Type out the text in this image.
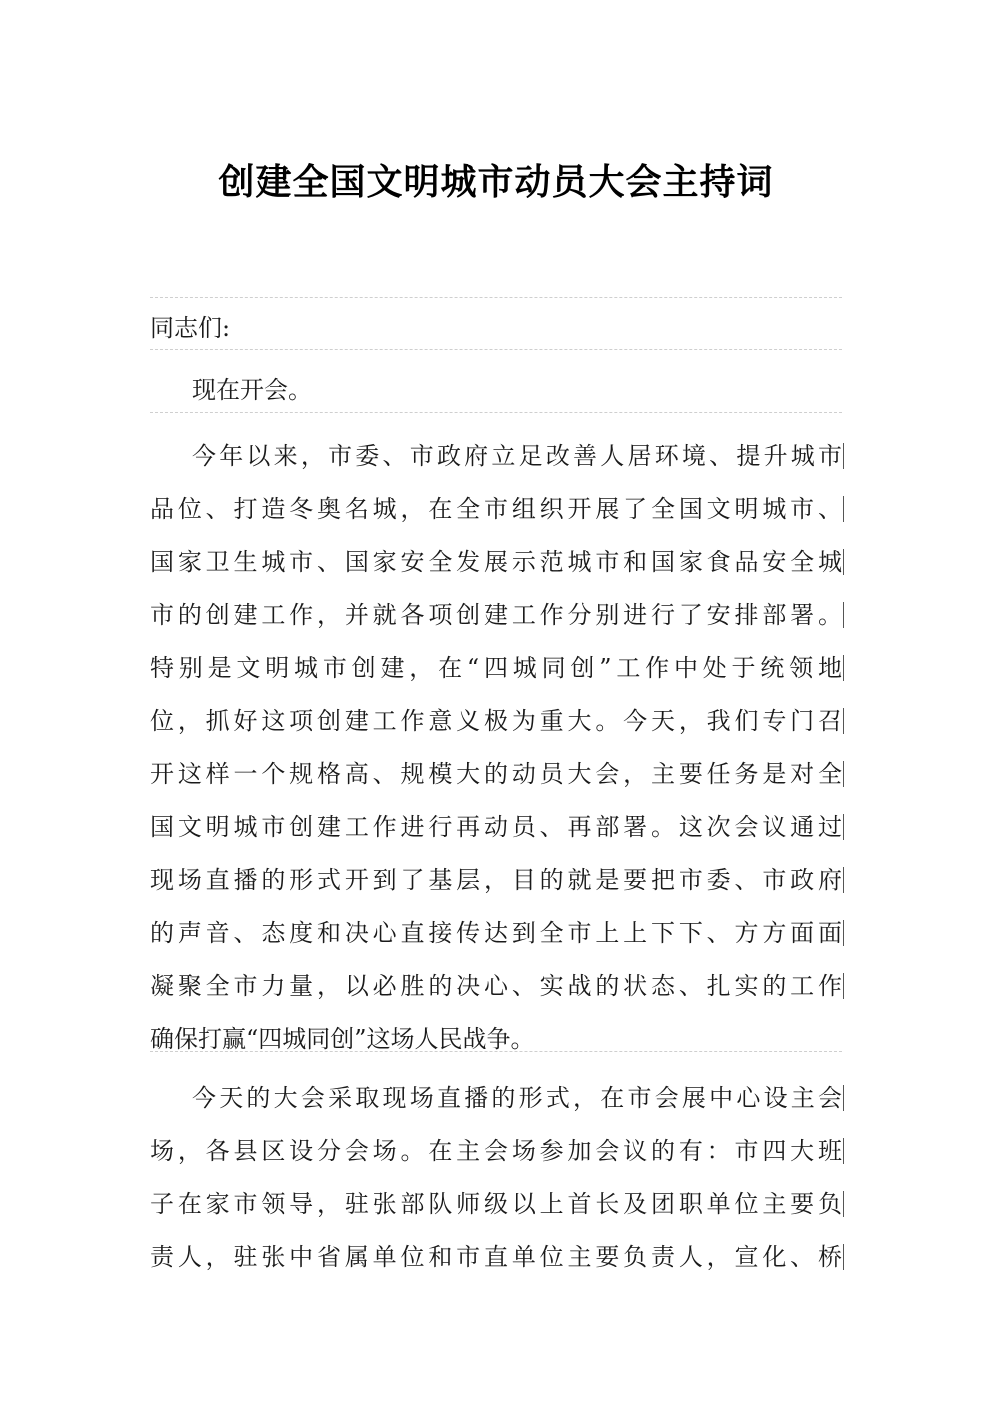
创建全国文明城市动员大会主持词
同志们:
现在开会。
今年以来，市委、市政府立足改善人居环境、提升城市
品位、打造冬奥名城，在全市组织开展了全国文明城市、
国家卫生城市、国家安全发展示范城市和国家食品安全城
市的创建工作，并就各项创建工作分别进行了安排部署。
特别是文明城市创建，在“四城同创”工作中处于统领地
位，抓好这项创建工作意义极为重大。今天，我们专门召
开这样一个规格高、规模大的动员大会，主要任务是对全
国文明城市创建工作进行再动员、再部署。这次会议通过
现场直播的形式开到了基层，目的就是要把市委、市政府
的声音、态度和决心直接传达到全市上上下下、方方面面
凝聚全市力量，以必胜的决心、实战的状态、扎实的工作
确保打赢“四城同创”这场人民战争。
今天的大会采取现场直播的形式，在市会展中心设主会
场，各县区设分会场。在主会场参加会议的有：市四大班
子在家市领导，驻张部队师级以上首长及团职单位主要负
责人，驻张中省属单位和市直单位主要负责人，宣化、桥
